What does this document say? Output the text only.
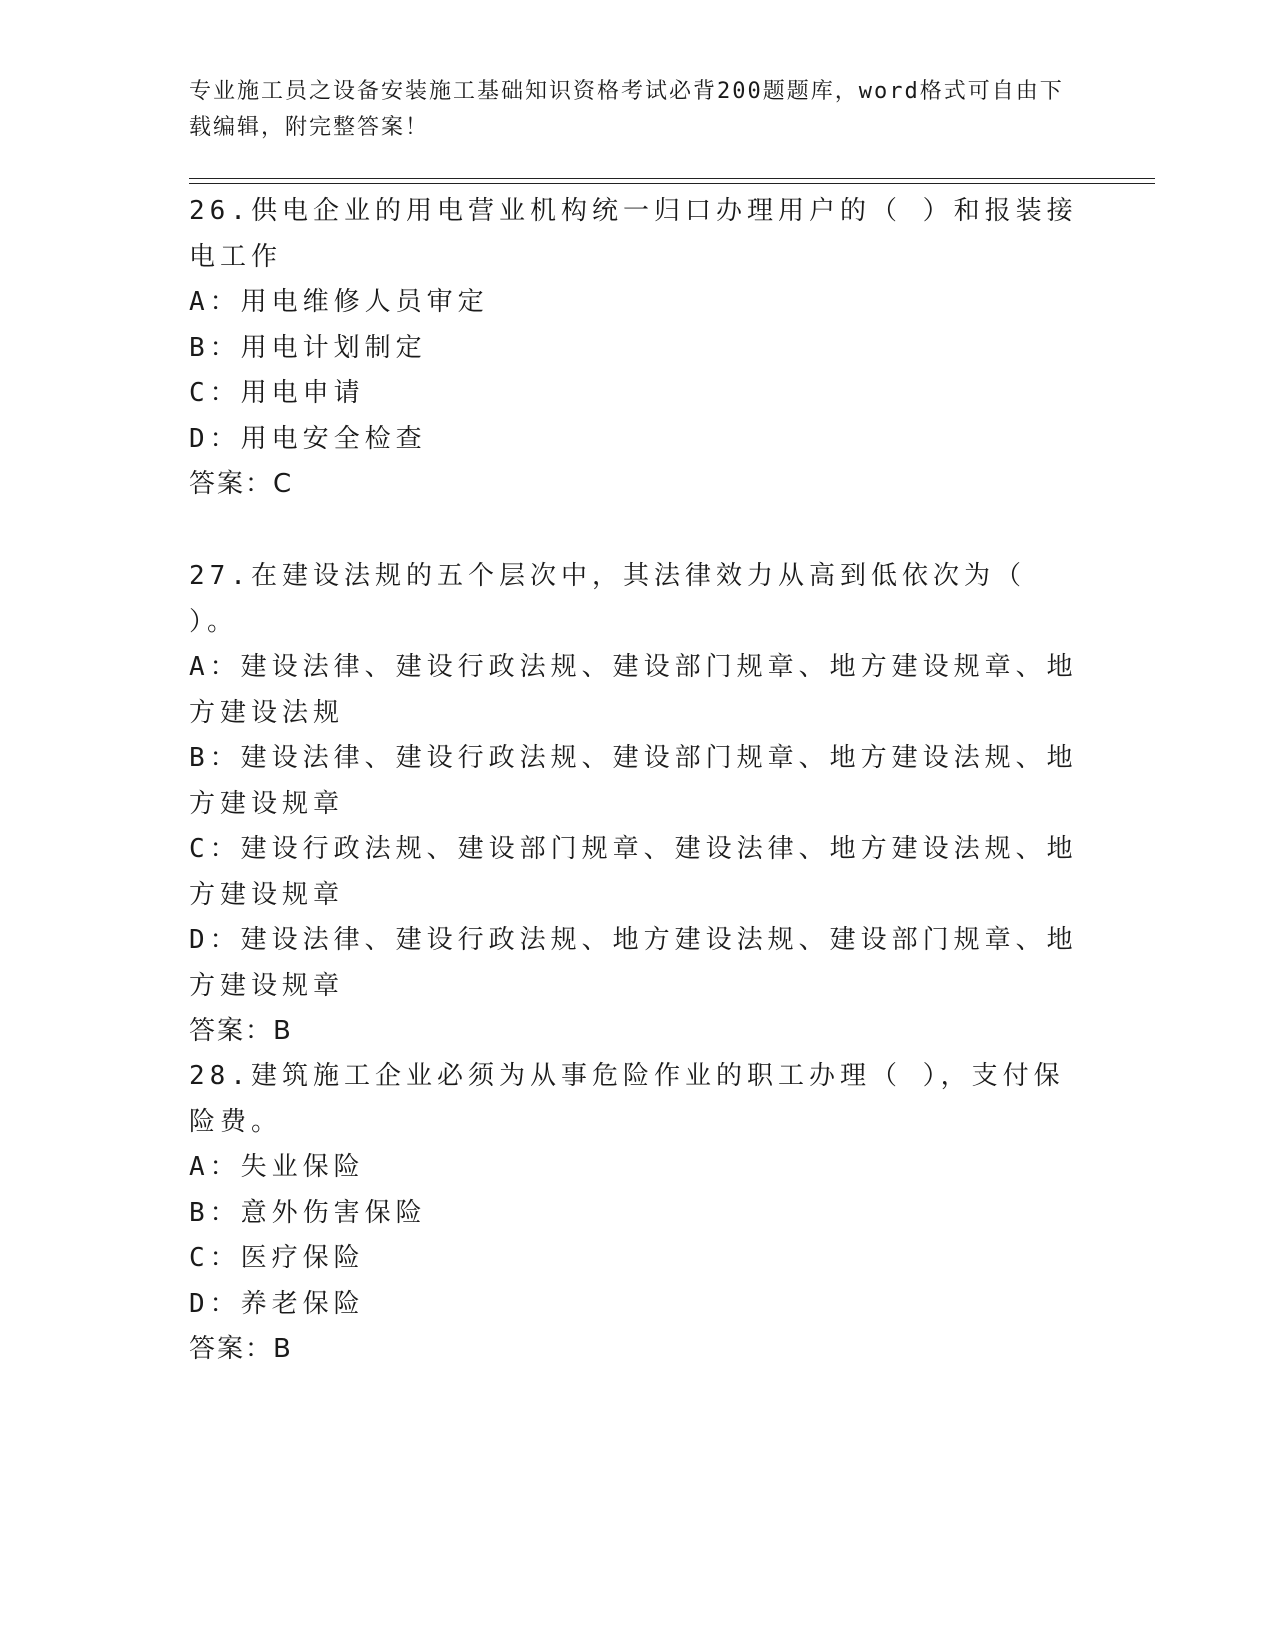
专业施工员之设备安装施工基础知识资格考试必背200题题库，word格式可自由下载编辑，附完整答案！
26.供电企业的用电营业机构统一归口办理用户的（ ）和报装接电工作
A：用电维修人员审定
B：用电计划制定
C：用电申请
D：用电安全检查
答案：C
27.在建设法规的五个层次中，其法律效力从高到低依次为（ ）。
A：建设法律、建设行政法规、建设部门规章、地方建设规章、地方建设法规
B：建设法律、建设行政法规、建设部门规章、地方建设法规、地方建设规章
C：建设行政法规、建设部门规章、建设法律、地方建设法规、地方建设规章
D：建设法律、建设行政法规、地方建设法规、建设部门规章、地方建设规章
答案：B
28.建筑施工企业必须为从事危险作业的职工办理（ ），支付保险费。
A：失业保险
B：意外伤害保险
C：医疗保险
D：养老保险
答案：B
